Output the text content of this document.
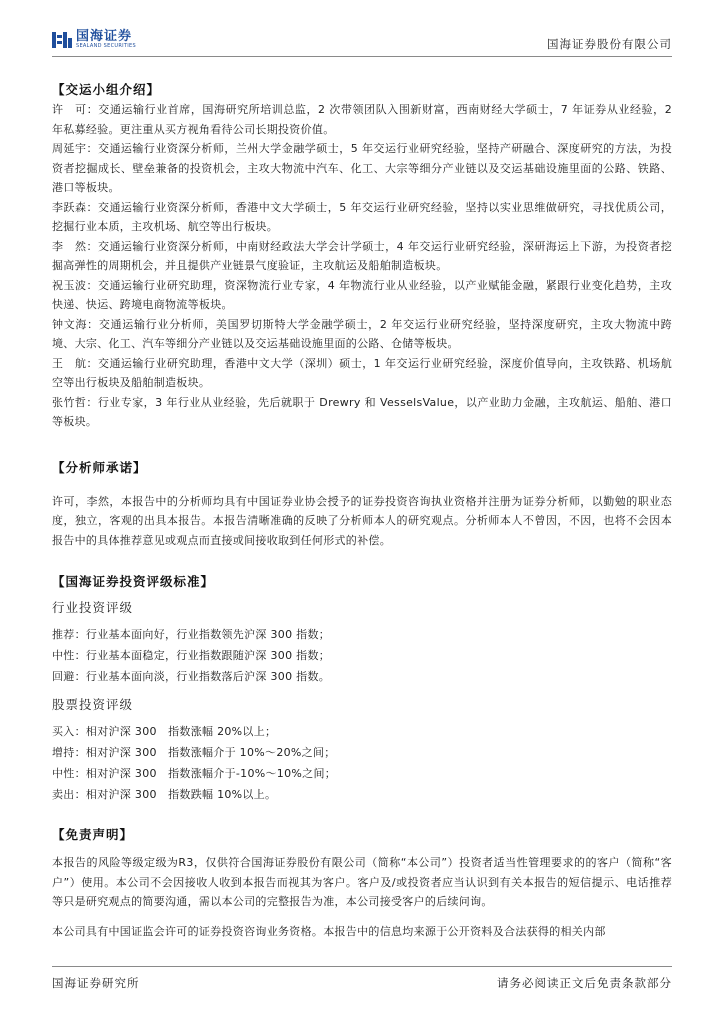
国海证券
SEALAND SECURITIES	国海证券股份有限公司
【交运小组介绍】
许　可：交通运输行业首席，国海研究所培训总监，2 次带领团队入围新财富，西南财经大学硕士，7 年证券从业经验，2 年私募经验。更注重从买方视角看待公司长期投资价值。
周延宇：交通运输行业资深分析师，兰州大学金融学硕士，5 年交运行业研究经验，坚持产研融合、深度研究的方法，为投资者挖掘成长、壁垒兼备的投资机会，主攻大物流中汽车、化工、大宗等细分产业链以及交运基础设施里面的公路、铁路、港口等板块。
李跃森：交通运输行业资深分析师，香港中文大学硕士，5 年交运行业研究经验，坚持以实业思维做研究，寻找优质公司，挖掘行业本质，主攻机场、航空等出行板块。
李　然：交通运输行业资深分析师，中南财经政法大学会计学硕士，4 年交运行业研究经验，深研海运上下游，为投资者挖掘高弹性的周期机会，并且提供产业链景气度验证，主攻航运及船舶制造板块。
祝玉波：交通运输行业研究助理，资深物流行业专家，4 年物流行业从业经验，以产业赋能金融，紧跟行业变化趋势，主攻快递、快运、跨境电商物流等板块。
钟文海：交通运输行业分析师，美国罗切斯特大学金融学硕士，2 年交运行业研究经验，坚持深度研究，主攻大物流中跨境、大宗、化工、汽车等细分产业链以及交运基础设施里面的公路、仓储等板块。
王　航：交通运输行业研究助理，香港中文大学（深圳）硕士，1 年交运行业研究经验，深度价值导向，主攻铁路、机场航空等出行板块及船舶制造板块。
张竹哲：行业专家，3 年行业从业经验，先后就职于 Drewry 和 VesselsValue，以产业助力金融，主攻航运、船舶、港口等板块。
【分析师承诺】
许可，李然，本报告中的分析师均具有中国证券业协会授予的证券投资咨询执业资格并注册为证券分析师，以勤勉的职业态度，独立，客观的出具本报告。本报告清晰准确的反映了分析师本人的研究观点。分析师本人不曾因，不因，也将不会因本报告中的具体推荐意见或观点而直接或间接收取到任何形式的补偿。
【国海证券投资评级标准】
行业投资评级
推荐：行业基本面向好，行业指数领先沪深 300 指数；
中性：行业基本面稳定，行业指数跟随沪深 300 指数；
回避：行业基本面向淡，行业指数落后沪深 300 指数。
股票投资评级
买入：相对沪深 300　指数涨幅 20%以上；
增持：相对沪深 300　指数涨幅介于 10%～20%之间；
中性：相对沪深 300　指数涨幅介于-10%～10%之间；
卖出：相对沪深 300　指数跌幅 10%以上。
【免责声明】
本报告的风险等级定级为R3，仅供符合国海证券股份有限公司（简称“本公司”）投资者适当性管理要求的的客户（简称“客户”）使用。本公司不会因接收人收到本报告而视其为客户。客户及/或投资者应当认识到有关本报告的短信提示、电话推荐等只是研究观点的简要沟通，需以本公司的完整报告为准，本公司接受客户的后续问询。
本公司具有中国证监会许可的证券投资咨询业务资格。本报告中的信息均来源于公开资料及合法获得的相关内部
国海证券研究所	请务必阅读正文后免责条款部分
